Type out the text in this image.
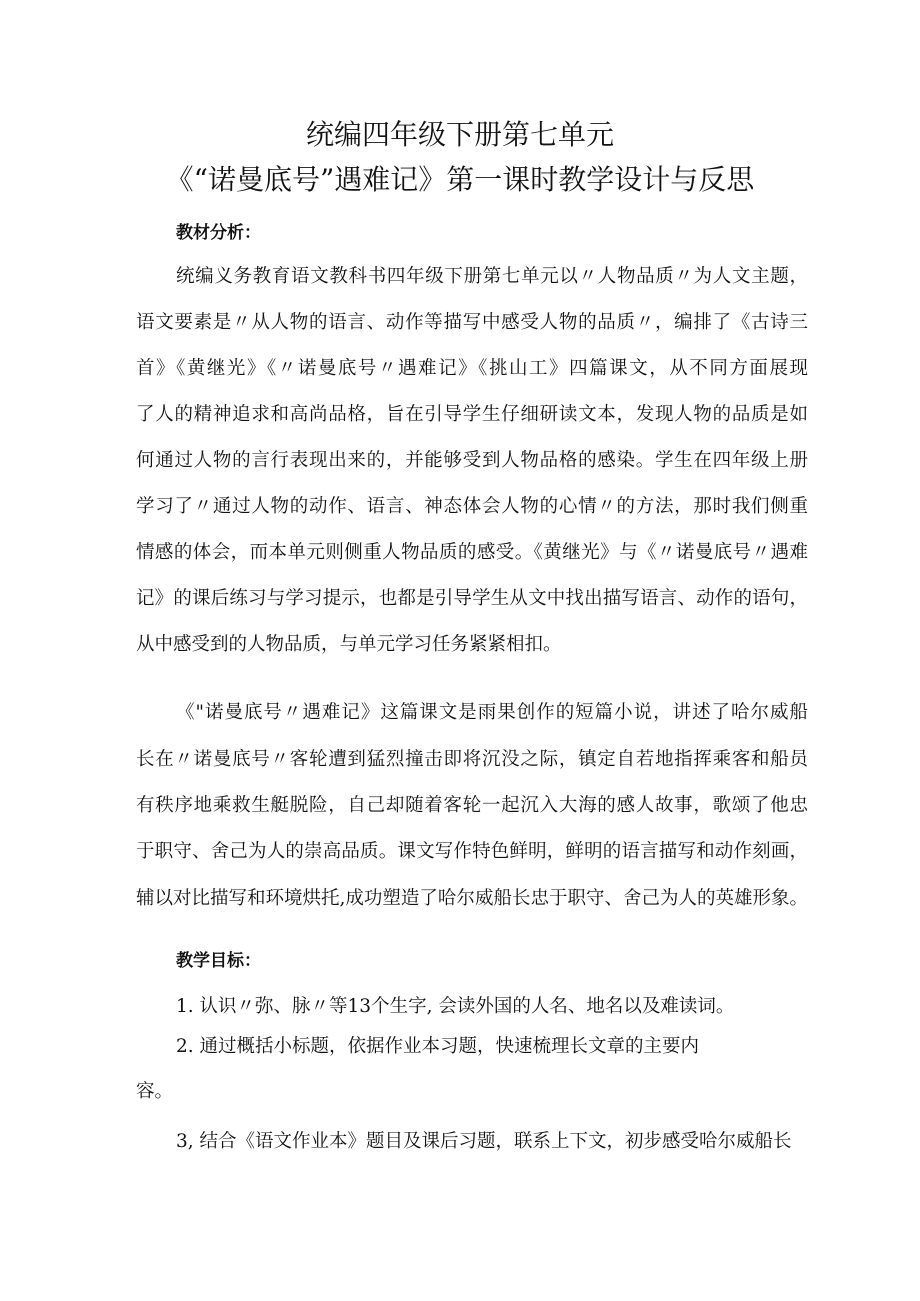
统编四年级下册第七单元
《“诺曼底号”遇难记》第一课时教学设计与反思
教材分析：
统编义务教育语文教科书四年级下册第七单元以〃人物品质〃为人文主题，
语文要素是〃从人物的语言、动作等描写中感受人物的品质〃，编排了《古诗三
首》《黄继光》《〃诺曼底号〃遇难记》《挑山工》四篇课文，从不同方面展现
了人的精神追求和高尚品格，旨在引导学生仔细研读文本，发现人物的品质是如
何通过人物的言行表现出来的，并能够受到人物品格的感染。学生在四年级上册
学习了〃通过人物的动作、语言、神态体会人物的心情〃的方法，那时我们侧重
情感的体会，而本单元则侧重人物品质的感受。《黄继光》与《〃诺曼底号〃遇难
记》的课后练习与学习提示，也都是引导学生从文中找出描写语言、动作的语句，
从中感受到的人物品质，与单元学习任务紧紧相扣。
《"诺曼底号〃遇难记》这篇课文是雨果创作的短篇小说，讲述了哈尔威船
长在〃诺曼底号〃客轮遭到猛烈撞击即将沉没之际，镇定自若地指挥乘客和船员
有秩序地乘救生艇脱险，自己却随着客轮一起沉入大海的感人故事，歌颂了他忠
于职守、舍己为人的崇高品质。课文写作特色鲜明，鲜明的语言描写和动作刻画，
辅以对比描写和环境烘托,成功塑造了哈尔威船长忠于职守、舍己为人的英雄形象。
教学目标：
1. 认识〃弥、脉〃等13个生字, 会读外国的人名、地名以及难读词。
2. 通过概括小标题，依据作业本习题，快速梳理长文章的主要内
容。
3, 结合《语文作业本》题目及课后习题，联系上下文，初步感受哈尔威船长
